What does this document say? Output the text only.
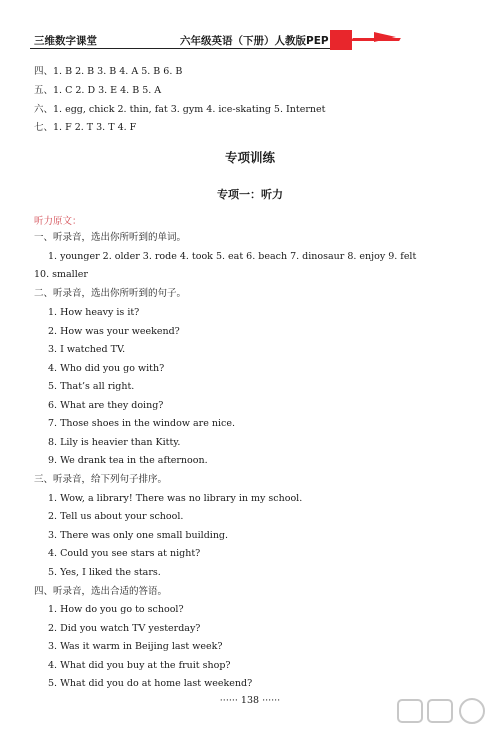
三维数字课堂	六年级英语（下册）人教版PEP
四、1. B 2. B 3. B 4. A 5. B 6. B
五、1. C 2. D 3. E 4. B 5. A
六、1. egg, chick 2. thin, fat 3. gym 4. ice-skating 5. Internet
七、1. F 2. T 3. T 4. F
专项训练
专项一：听力
听力原文：
一、听录音，选出你所听到的单词。
1. younger 2. older 3. rode 4. took 5. eat 6. beach 7. dinosaur 8. enjoy 9. felt
10. smaller
二、听录音，选出你所听到的句子。
1. How heavy is it?
2. How was your weekend?
3. I watched TV.
4. Who did you go with?
5. That’s all right.
6. What are they doing?
7. Those shoes in the window are nice.
8. Lily is heavier than Kitty.
9. We drank tea in the afternoon.
三、听录音，给下列句子排序。
1. Wow, a library! There was no library in my school.
2. Tell us about your school.
3. There was only one small building.
4. Could you see stars at night?
5. Yes, I liked the stars.
四、听录音，选出合适的答语。
1. How do you go to school?
2. Did you watch TV yesterday?
3. Was it warm in Beijing last week?
4. What did you buy at the fruit shop?
5. What did you do at home last weekend?
······ 138 ······
